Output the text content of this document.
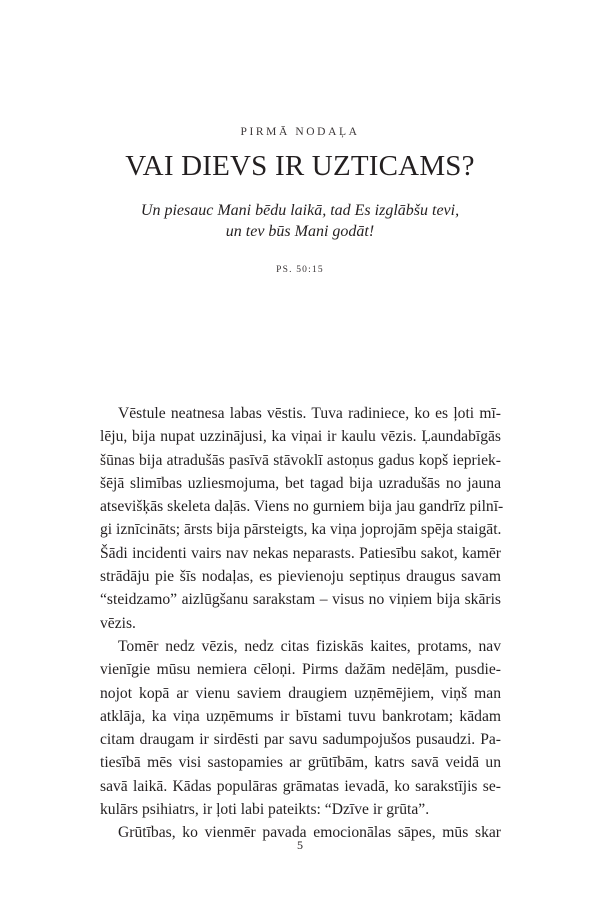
PIRMĀ NODAĻA
VAI DIEVS IR UZTICAMS?
Un piesauc Mani bēdu laikā, tad Es izglābšu tevi,
un tev būs Mani godāt!
PS. 50:15

Vēstule neatnesa labas vēstis. Tuva radiniece, ko es ļoti mī-
lēju, bija nupat uzzinājusi, ka viņai ir kaulu vēzis. Ļaundabīgās
šūnas bija atradušās pasīvā stāvoklī astoņus gadus kopš iepriek-
šējā slimības uzliesmojuma, bet tagad bija uzradušās no jauna
atsevišķās skeleta daļās. Viens no gurniem bija jau gandrīz pilnī-
gi iznīcināts; ārsts bija pārsteigts, ka viņa joprojām spēja staigāt.
Šādi incidenti vairs nav nekas neparasts. Patiesību sakot, kamēr
strādāju pie šīs nodaļas, es pievienoju septiņus draugus savam
“steidzamo” aizlūgšanu sarakstam – visus no viņiem bija skāris
vēzis.

Tomēr nedz vēzis, nedz citas fiziskās kaites, protams, nav
vienīgie mūsu nemiera cēloņi. Pirms dažām nedēļām, pusdie-
nojot kopā ar vienu saviem draugiem uzņēmējiem, viņš man
atklāja, ka viņa uzņēmums ir bīstami tuvu bankrotam; kādam
citam draugam ir sirdēsti par savu sadumpojušos pusaudzi. Pa-
tiesībā mēs visi sastopamies ar grūtībām, katrs savā veidā un
savā laikā. Kādas populāras grāmatas ievadā, ko sarakstījis se-
kulārs psihiatrs, ir ļoti labi pateikts: “Dzīve ir grūta”.

Grūtības, ko vienmēr pavada emocionālas sāpes, mūs skar

5
